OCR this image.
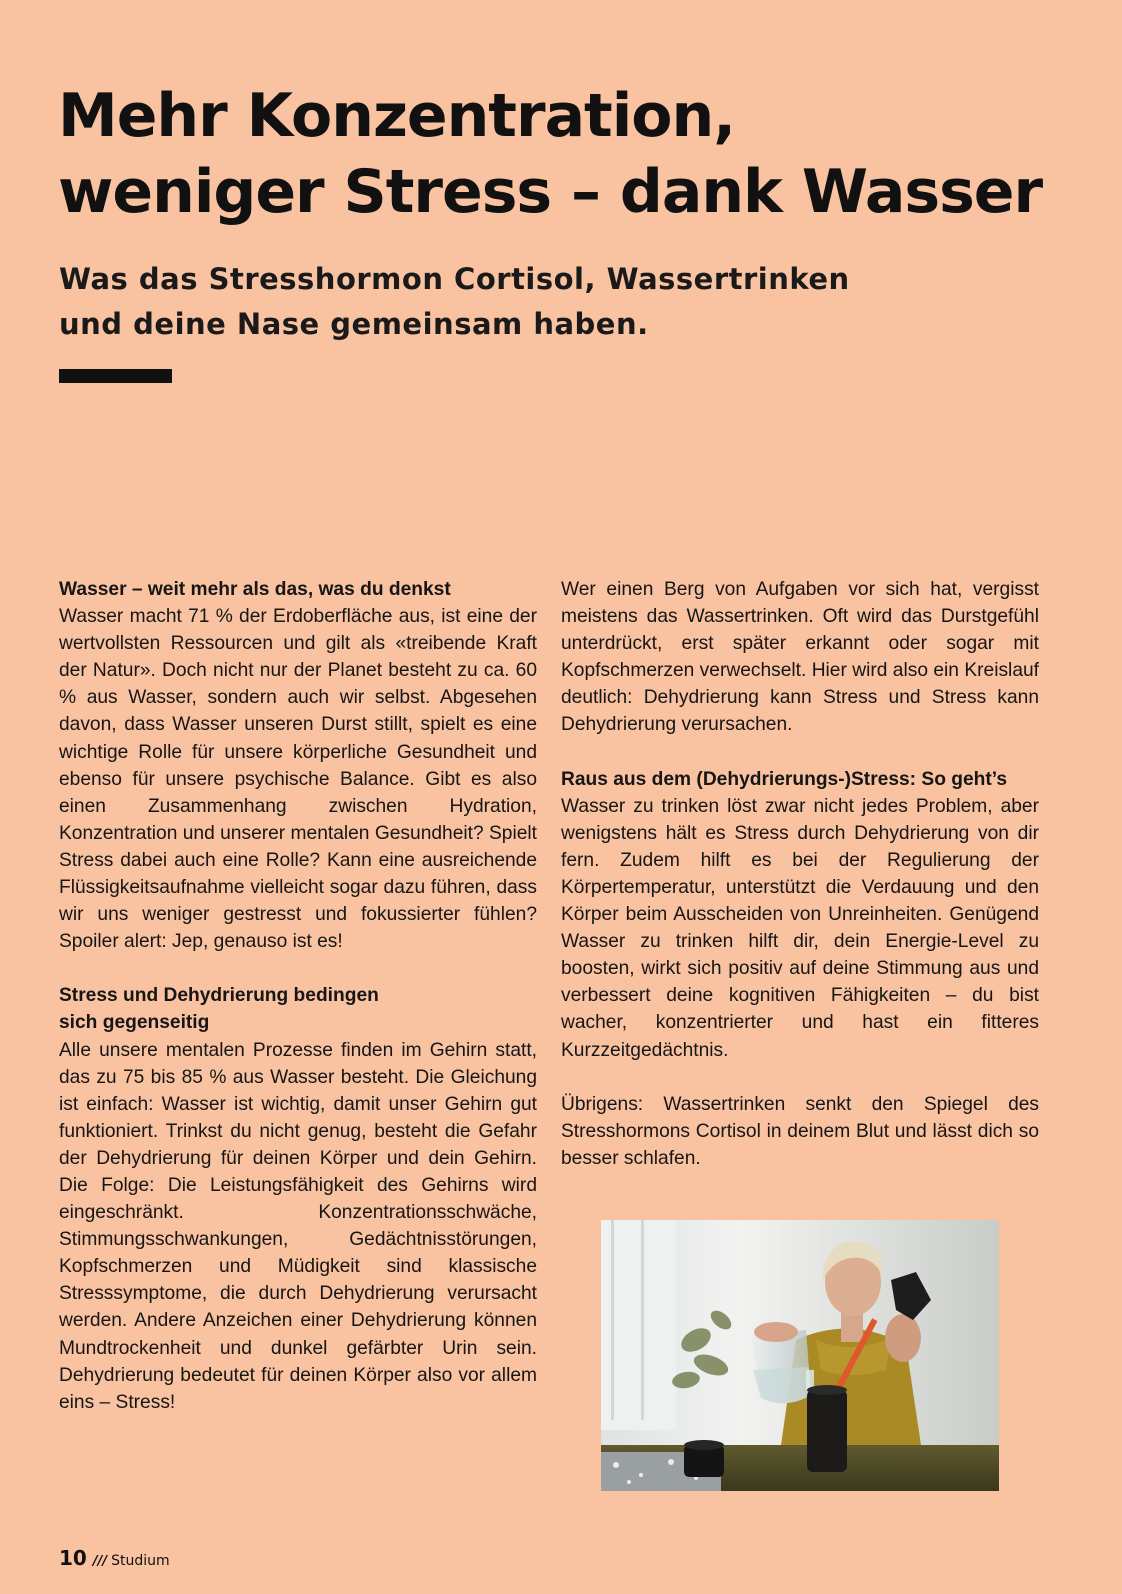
Mehr Konzentration,
weniger Stress – dank Wasser
Was das Stresshormon Cortisol, Wassertrinken
und deine Nase gemeinsam haben.
Wasser – weit mehr als das, was du denkst

Wasser macht 71 % der Erdoberfläche aus, ist eine der wertvollsten Ressourcen und gilt als «treibende Kraft der Natur». Doch nicht nur der Planet besteht zu ca. 60 % aus Wasser, sondern auch wir selbst. Abgesehen davon, dass Wasser unseren Durst stillt, spielt es eine wichtige Rolle für unsere körperliche Gesundheit und ebenso für unsere psychische Balance. Gibt es also einen Zusammenhang zwischen Hydration, Konzentration und unserer mentalen Gesundheit? Spielt Stress dabei auch eine Rolle? Kann eine ausreichende Flüssigkeitsaufnahme vielleicht sogar dazu führen, dass wir uns weniger gestresst und fokussierter fühlen? Spoiler alert: Jep, genauso ist es!

Stress und Dehydrierung bedingen
sich gegenseitig

Alle unsere mentalen Prozesse finden im Gehirn statt, das zu 75 bis 85 % aus Wasser besteht. Die Gleichung ist einfach: Wasser ist wichtig, damit unser Gehirn gut funktioniert. Trinkst du nicht genug, besteht die Gefahr der Dehydrierung für deinen Körper und dein Gehirn. Die Folge: Die Leistungsfähigkeit des Gehirns wird eingeschränkt. Konzentrationsschwäche, Stimmungsschwankungen, Gedächtnisstörungen, Kopfschmerzen und Müdigkeit sind klassische Stresssymptome, die durch Dehydrierung verursacht werden. Andere Anzeichen einer Dehydrierung können Mundtrockenheit und dunkel gefärbter Urin sein. Dehydrierung bedeutet für deinen Körper also vor allem eins – Stress!

Wer einen Berg von Aufgaben vor sich hat, vergisst meistens das Wassertrinken. Oft wird das Durstgefühl unterdrückt, erst später erkannt oder sogar mit Kopfschmerzen verwechselt. Hier wird also ein Kreislauf deutlich: Dehydrierung kann Stress und Stress kann Dehydrierung verursachen.

Raus aus dem (Dehydrierungs-)Stress: So geht’s

Wasser zu trinken löst zwar nicht jedes Problem, aber wenigstens hält es Stress durch Dehydrierung von dir fern. Zudem hilft es bei der Regulierung der Körpertemperatur, unterstützt die Verdauung und den Körper beim Ausscheiden von Unreinheiten. Genügend Wasser zu trinken hilft dir, dein Energie-Level zu boosten, wirkt sich positiv auf deine Stimmung aus und verbessert deine kognitiven Fähigkeiten – du bist wacher, konzentrierter und hast ein fitteres Kurzzeitgedächtnis.

Übrigens: Wassertrinken senkt den Spiegel des Stresshormons Cortisol in deinem Blut und lässt dich so besser schlafen.

10 /// Studium
